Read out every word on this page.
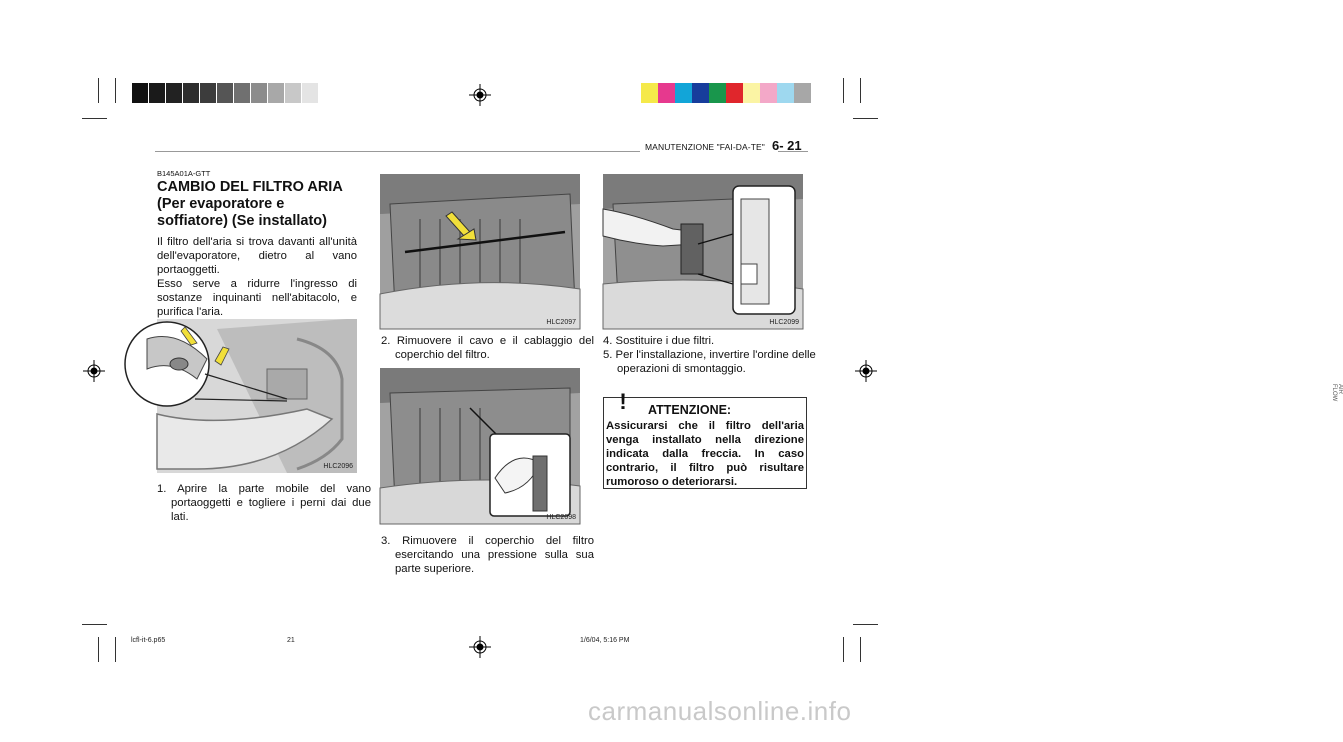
MANUTENZIONE "FAI-DA-TE" 6- 21
B145A01A-GTT
CAMBIO DEL FILTRO ARIA (Per evaporatore e soffiatore) (Se installato)
Il filtro dell'aria si trova davanti all'unità dell'evaporatore, dietro al vano portaoggetti.
Esso serve a ridurre l'ingresso di sostanze inquinanti nell'abitacolo, e purifica l'aria.
HLC2096
1. Aprire la parte mobile del vano portaoggetti e togliere i perni dai due lati.
HLC2097
2. Rimuovere il cavo e il cablaggio del coperchio del filtro.
HLC2098
3. Rimuovere il coperchio del filtro esercitando una pressione sulla sua parte superiore.
AIR FLOW
HLC2099
4. Sostituire i due filtri.
5. Per l'installazione, invertire l'ordine delle operazioni di smontaggio.
!	ATTENZIONE:
Assicurarsi che il filtro dell'aria venga installato nella direzione indicata dalla freccia. In caso contrario, il filtro può risultare rumoroso o deteriorarsi.
lcfl-it-6.p65	21	1/6/04, 5:16 PM
carmanualsonline.info
